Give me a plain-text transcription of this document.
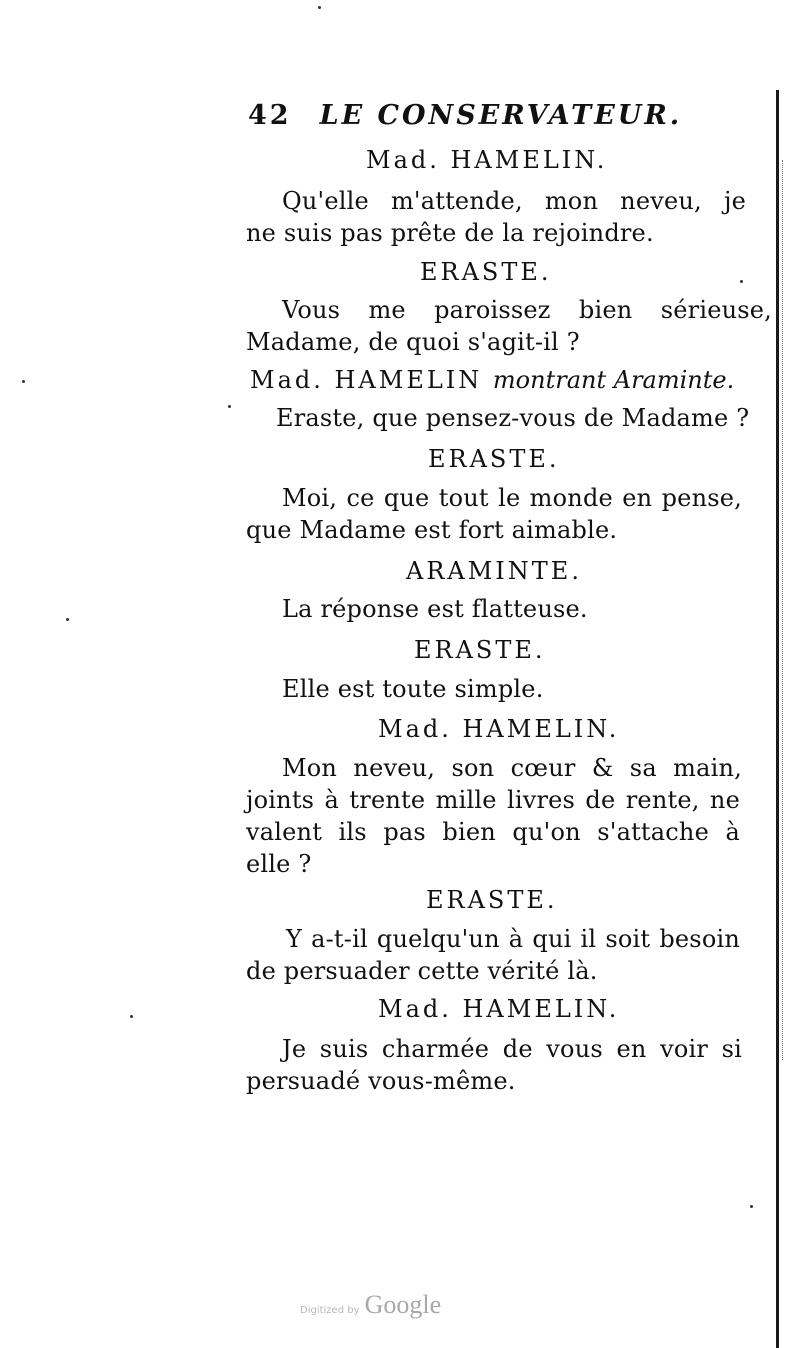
42 LE CONSERVATEUR.
Mad. HAMELIN.
Qu'elle m'attende, mon neveu, je
ne suis pas prête de la rejoindre.
ERASTE.
Vous me paroissez bien sérieuse,
Madame, de quoi s'agit-il ?
Mad. HAMELIN montrant Araminte.
Eraste, que pensez-vous de Madame ?
ERASTE.
Moi, ce que tout le monde en pense,
que Madame est fort aimable.
ARAMINTE.
La réponse est flatteuse.
ERASTE.
Elle est toute simple.
Mad. HAMELIN.
Mon neveu, son cœur & sa main,
joints à trente mille livres de rente, ne
valent ils pas bien qu'on s'attache à
elle ?
ERASTE.
Y a-t-il quelqu'un à qui il soit besoin
de persuader cette vérité là.
Mad. HAMELIN.
Je suis charmée de vous en voir si
persuadé vous-même.
Digitized by Google
